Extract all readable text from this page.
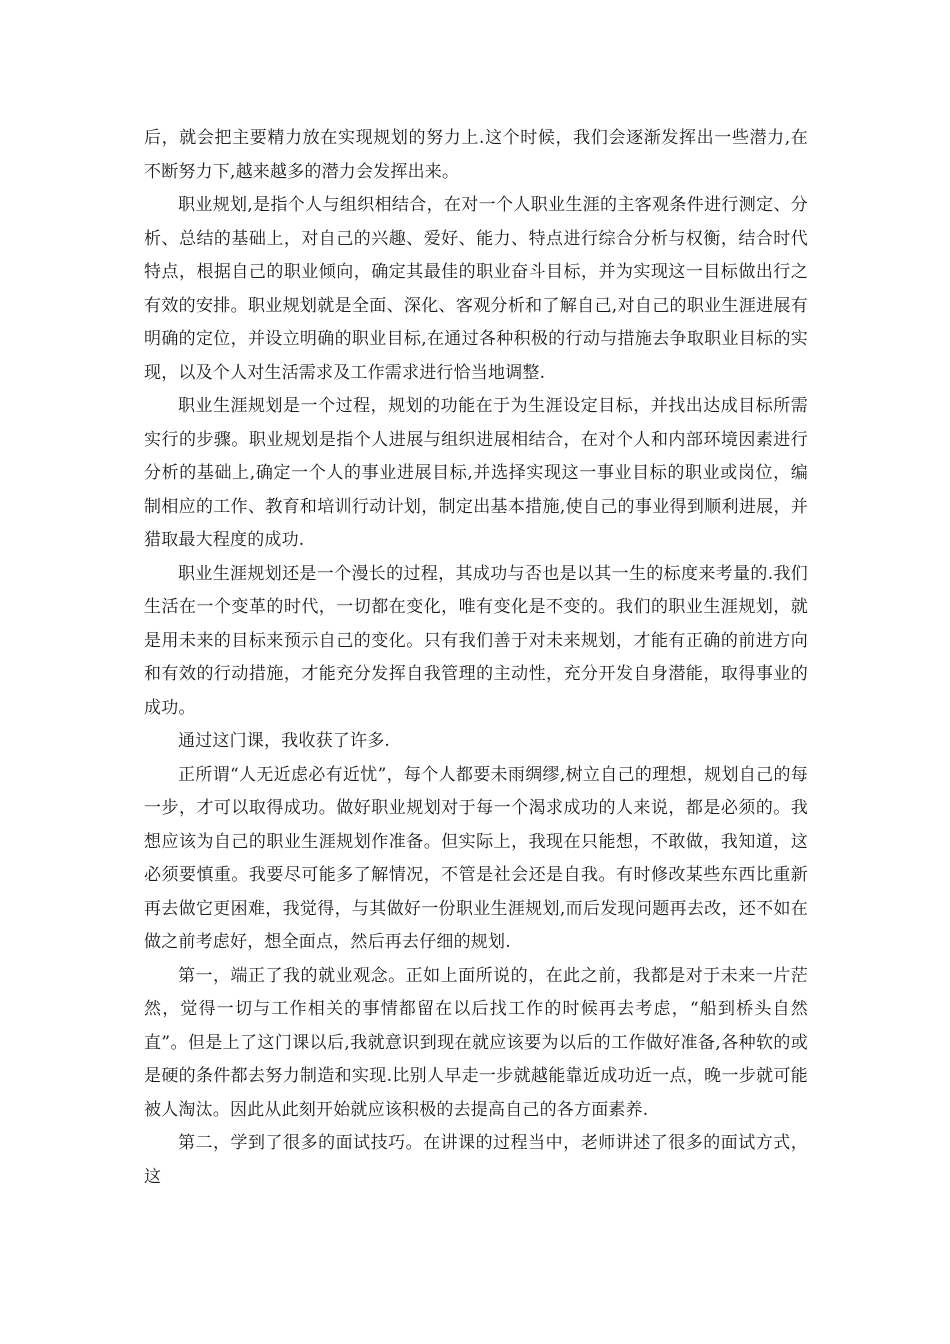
后，就会把主要精力放在实现规划的努力上.这个时候，我们会逐渐发挥出一些潜力,在不断努力下,越来越多的潜力会发挥出来。

职业规划,是指个人与组织相结合，在对一个人职业生涯的主客观条件进行测定、分析、总结的基础上，对自己的兴趣、爱好、能力、特点进行综合分析与权衡，结合时代特点，根据自己的职业倾向，确定其最佳的职业奋斗目标，并为实现这一目标做出行之有效的安排。职业规划就是全面、深化、客观分析和了解自己,对自己的职业生涯进展有明确的定位，并设立明确的职业目标,在通过各种积极的行动与措施去争取职业目标的实现，以及个人对生活需求及工作需求进行恰当地调整.

职业生涯规划是一个过程，规划的功能在于为生涯设定目标，并找出达成目标所需实行的步骤。职业规划是指个人进展与组织进展相结合，在对个人和内部环境因素进行分析的基础上,确定一个人的事业进展目标,并选择实现这一事业目标的职业或岗位，编制相应的工作、教育和培训行动计划，制定出基本措施,使自己的事业得到顺利进展，并猎取最大程度的成功.

职业生涯规划还是一个漫长的过程，其成功与否也是以其一生的标度来考量的.我们生活在一个变革的时代，一切都在变化，唯有变化是不变的。我们的职业生涯规划，就是用未来的目标来预示自己的变化。只有我们善于对未来规划，才能有正确的前进方向和有效的行动措施，才能充分发挥自我管理的主动性，充分开发自身潜能，取得事业的成功。

通过这门课，我收获了许多.

正所谓“人无近虑必有近忧”，每个人都要未雨绸缪,树立自己的理想，规划自己的每一步，才可以取得成功。做好职业规划对于每一个渴求成功的人来说，都是必须的。我想应该为自己的职业生涯规划作准备。但实际上，我现在只能想，不敢做，我知道，这必须要慎重。我要尽可能多了解情况，不管是社会还是自我。有时修改某些东西比重新再去做它更困难，我觉得，与其做好一份职业生涯规划,而后发现问题再去改，还不如在做之前考虑好，想全面点，然后再去仔细的规划.

第一，端正了我的就业观念。正如上面所说的，在此之前，我都是对于未来一片茫然，觉得一切与工作相关的事情都留在以后找工作的时候再去考虑，“船到桥头自然直”。但是上了这门课以后,我就意识到现在就应该要为以后的工作做好准备,各种软的或是硬的条件都去努力制造和实现.比别人早走一步就越能靠近成功近一点，晚一步就可能被人淘汰。因此从此刻开始就应该积极的去提高自己的各方面素养.

第二，学到了很多的面试技巧。在讲课的过程当中，老师讲述了很多的面试方式，这
